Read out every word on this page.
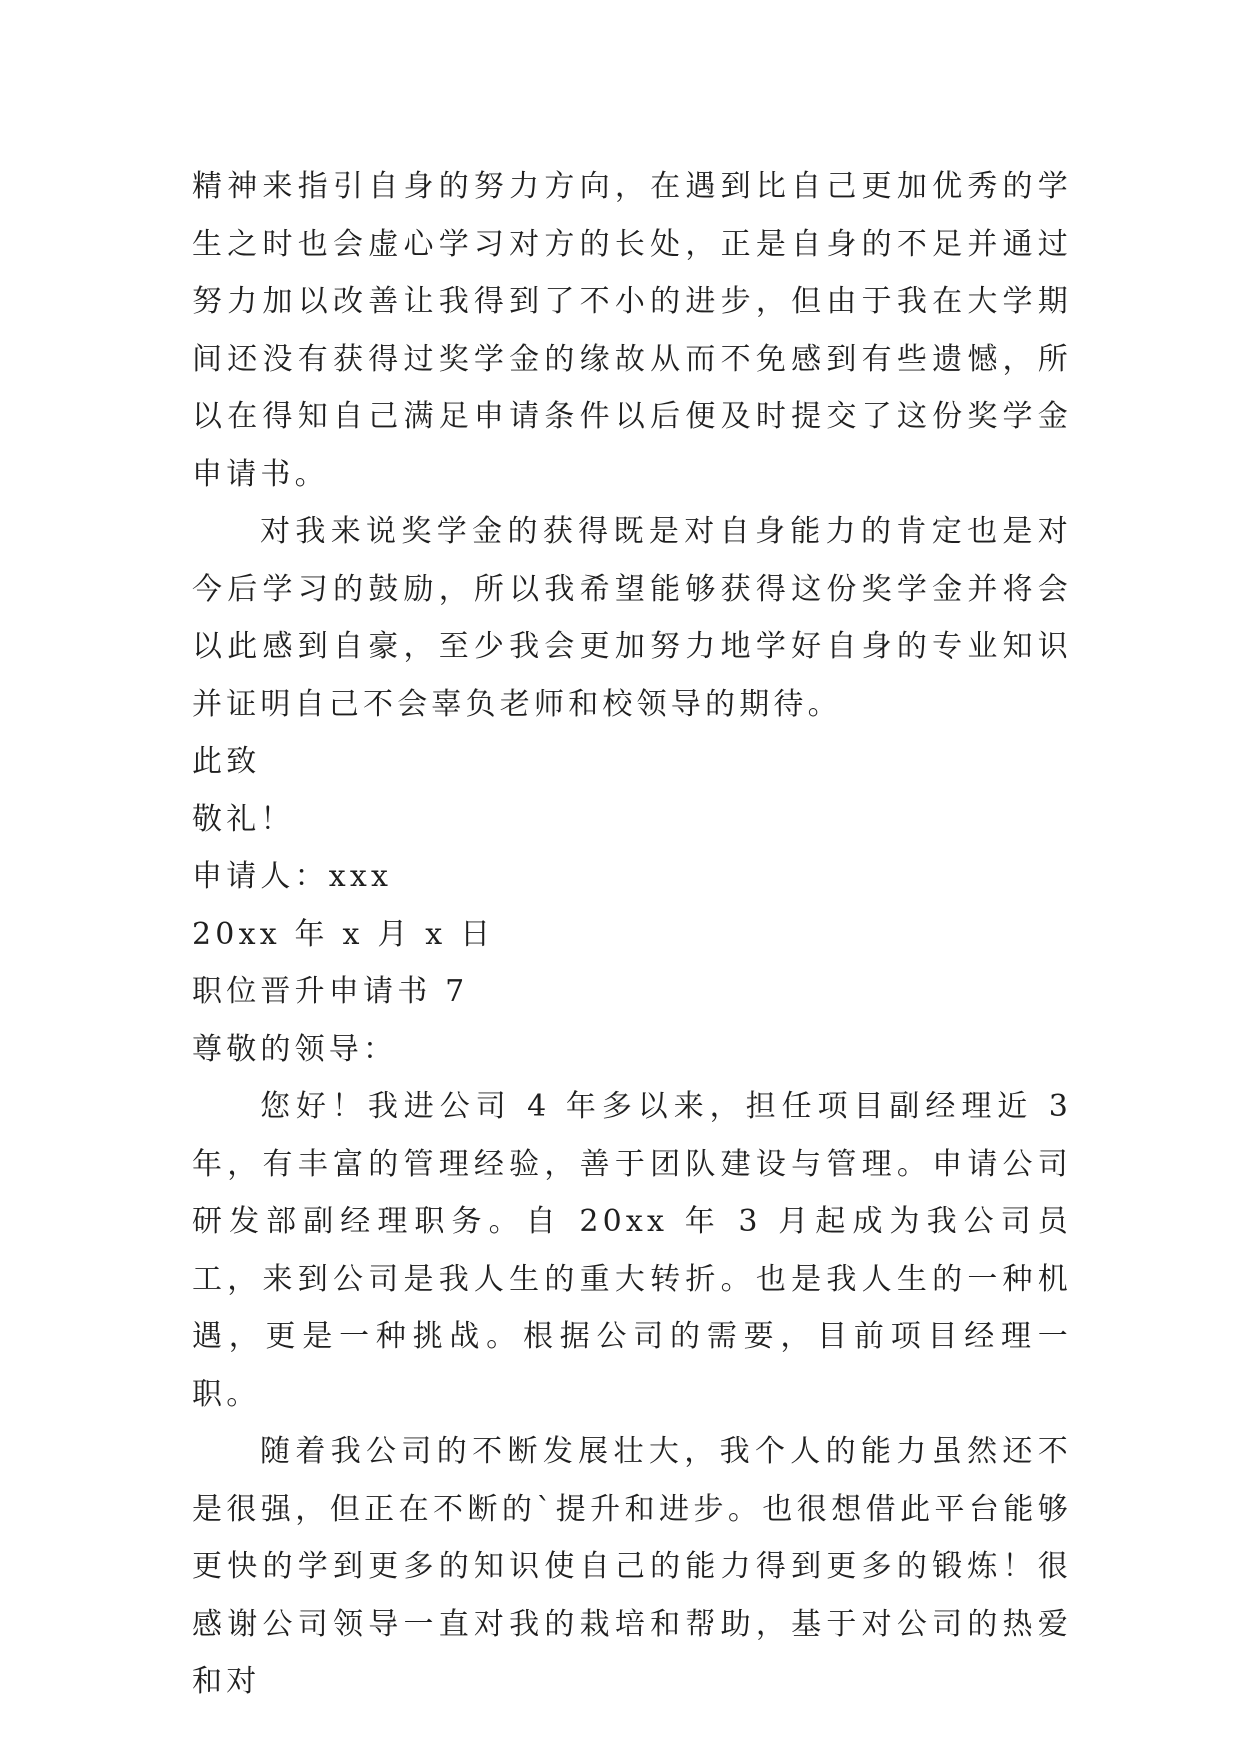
精神来指引自身的努力方向，在遇到比自己更加优秀的学生之时也会虚心学习对方的长处，正是自身的不足并通过努力加以改善让我得到了不小的进步，但由于我在大学期间还没有获得过奖学金的缘故从而不免感到有些遗憾，所以在得知自己满足申请条件以后便及时提交了这份奖学金申请书。

对我来说奖学金的获得既是对自身能力的肯定也是对今后学习的鼓励，所以我希望能够获得这份奖学金并将会以此感到自豪，至少我会更加努力地学好自身的专业知识并证明自己不会辜负老师和校领导的期待。

此致

敬礼！

申请人：xxx

20xx 年 x 月 x 日

职位晋升申请书 7

尊敬的领导：

您好！我进公司 4 年多以来，担任项目副经理近 3 年，有丰富的管理经验，善于团队建设与管理。申请公司研发部副经理职务。自 20xx 年 3 月起成为我公司员工，来到公司是我人生的重大转折。也是我人生的一种机遇，更是一种挑战。根据公司的需要，目前项目经理一职。

随着我公司的不断发展壮大，我个人的能力虽然还不是很强，但正在不断的`提升和进步。也很想借此平台能够更快的学到更多的知识使自己的能力得到更多的锻炼！很感谢公司领导一直对我的栽培和帮助，基于对公司的热爱和对
